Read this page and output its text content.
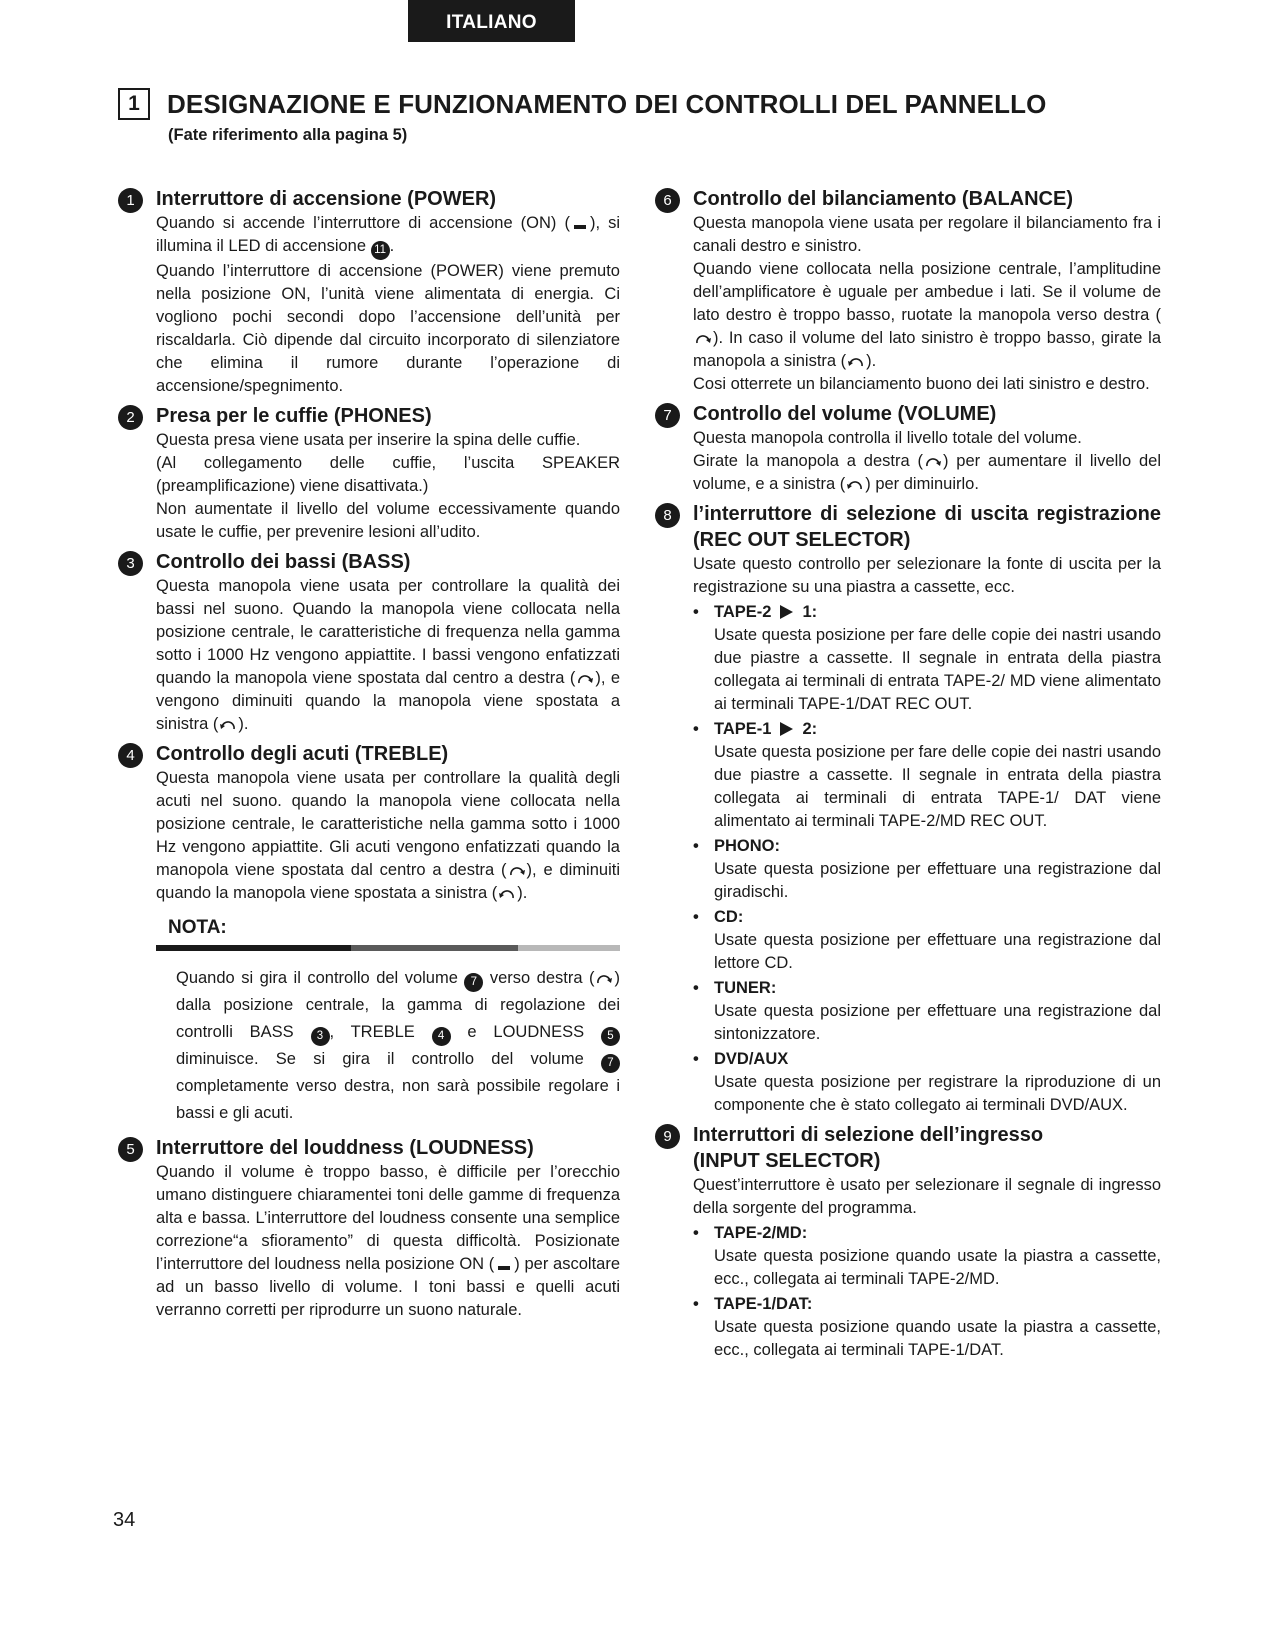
ITALIANO
1	DESIGNAZIONE E FUNZIONAMENTO DEI CONTROLLI DEL PANNELLO
(Fate riferimento alla pagina 5)
1	Interruttore di accensione (POWER)

Quando si accende l’interruttore di accensione (ON) ( ), si illumina il LED di accensione 11 .

Quando l’interruttore di accensione (POWER) viene premuto nella posizione ON, l’unità viene alimentata di energia. Ci vogliono pochi secondi dopo l’accensione dell’unità per riscaldarla. Ciò dipende dal circuito incorporato di silenziatore che elimina il rumore durante l’operazione di accensione/spegnimento.

2	Presa per le cuffie (PHONES)

Questa presa viene usata per inserire la spina delle cuffie.

(Al collegamento delle cuffie, l’uscita SPEAKER (preamplificazione) viene disattivata.)

Non aumentate il livello del volume eccessivamente quando usate le cuffie, per prevenire lesioni all’udito.

3	Controllo dei bassi (BASS)

Questa manopola viene usata per controllare la qualità dei bassi nel suono. Quando la manopola viene collocata nella posizione centrale, le caratteristiche di frequenza nella gamma sotto i 1000 Hz vengono appiattite. I bassi vengono enfatizzati quando la manopola viene spostata dal centro a destra ( ), e vengono diminuiti quando la manopola viene spostata a sinistra ( ).

4	Controllo degli acuti (TREBLE)

Questa manopola viene usata per controllare la qualità degli acuti nel suono. quando la manopola viene collocata nella posizione centrale, le caratteristiche nella gamma sotto i 1000 Hz vengono appiattite. Gli acuti vengono enfatizzati quando la manopola viene spostata dal centro a destra ( ), e diminuiti quando la manopola viene spostata a sinistra ( ).

NOTA:
Quando si gira il controllo del volume 7 verso destra ( ) dalla posizione centrale, la gamma di regolazione dei controlli BASS 3 , TREBLE 4 e LOUDNESS 5 diminuisce. Se si gira il controllo del volume 7 completamente verso destra, non sarà possibile regolare i bassi e gli acuti.
5	Interruttore del louddness (LOUDNESS)

Quando il volume è troppo basso, è difficile per l’orecchio umano distinguere chiaramentei toni delle gamme di frequenza alta e bassa. L’interruttore del loudness consente una semplice correzione“a sfioramento” di questa difficoltà. Posizionate l’interruttore del loudness nella posizione ON ( ) per ascoltare ad un basso livello di volume. I toni bassi e quelli acuti verranno corretti per riprodurre un suono naturale.

6	Controllo del bilanciamento (BALANCE)

Questa manopola viene usata per regolare il bilanciamento fra i canali destro e sinistro.

Quando viene collocata nella posizione centrale, l’amplitudine dell’amplificatore è uguale per ambedue i lati. Se il volume de lato destro è troppo basso, ruotate la manopola verso destra (
). In caso il volume del lato sinistro è troppo basso, girate la manopola a sinistra ( ).

Cosi otterrete un bilanciamento buono dei lati sinistro e destro.

7	Controllo del volume (VOLUME)

Questa manopola controlla il livello totale del volume.

Girate la manopola a destra ( ) per aumentare il livello del volume, e a sinistra ( ) per diminuirlo.

8	l’interruttore di selezione di uscita registrazione (REC OUT SELECTOR)

Usate questo controllo per selezionare la fonte di uscita per la registrazione su una piastra a cassette, ecc.

• TAPE-2 1:

Usate questa posizione per fare delle copie dei nastri usando due piastre a cassette. Il segnale in entrata della piastra collegata ai terminali di entrata TAPE-2/ MD viene alimentato ai terminali TAPE-1/DAT REC OUT.

• TAPE-1 2:

Usate questa posizione per fare delle copie dei nastri usando due piastre a cassette. Il segnale in entrata della piastra collegata ai terminali di entrata TAPE-1/ DAT viene alimentato ai terminali TAPE-2/MD REC OUT.

• PHONO:

Usate questa posizione per effettuare una registrazione dal giradischi.

• CD:

Usate questa posizione per effettuare una registrazione dal lettore CD.

• TUNER:

Usate questa posizione per effettuare una registrazione dal sintonizzatore.

• DVD/AUX

Usate questa posizione per registrare la riproduzione di un componente che è stato collegato ai terminali DVD/AUX.

9	Interruttori di selezione dell’ingresso
(INPUT SELECTOR)

Quest’interruttore è usato per selezionare il segnale di ingresso della sorgente del programma.

• TAPE-2/MD:

Usate questa posizione quando usate la piastra a cassette, ecc., collegata ai terminali TAPE-2/MD.

• TAPE-1/DAT:

Usate questa posizione quando usate la piastra a cassette, ecc., collegata ai terminali TAPE-1/DAT.

34
